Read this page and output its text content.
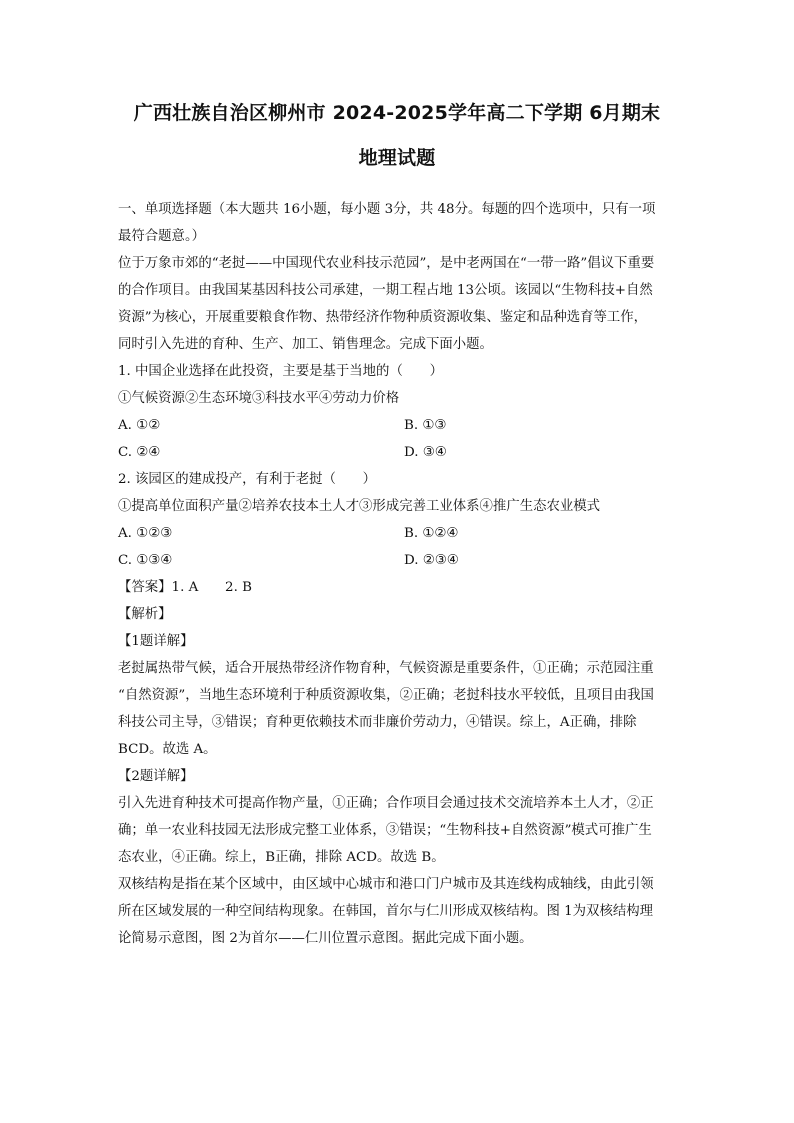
广西壮族自治区柳州市 2024-2025学年高二下学期 6月期末
地理试题
一、单项选择题（本大题共 16小题，每小题 3分，共 48分。每题的四个选项中，只有一项
最符合题意。）
位于万象市郊的“老挝——中国现代农业科技示范园”，是中老两国在“一带一路”倡议下重要
的合作项目。由我国某基因科技公司承建，一期工程占地 13公顷。该园以“生物科技+自然
资源”为核心，开展重要粮食作物、热带经济作物种质资源收集、鉴定和品种选育等工作，
同时引入先进的育种、生产、加工、销售理念。完成下面小题。
1. 中国企业选择在此投资，主要是基于当地的（　　）
①气候资源②生态环境③科技水平④劳动力价格
A. ①②	B. ①③
C. ②④	D. ③④
2. 该园区的建成投产，有利于老挝（　　）
①提高单位面积产量②培养农技本土人才③形成完善工业体系④推广生态农业模式
A. ①②③	B. ①②④
C. ①③④	D. ②③④
【答案】1. A　　2. B
【解析】
【1题详解】
老挝属热带气候，适合开展热带经济作物育种，气候资源是重要条件，①正确；示范园注重
“自然资源”，当地生态环境利于种质资源收集，②正确；老挝科技水平较低，且项目由我国
科技公司主导，③错误；育种更依赖技术而非廉价劳动力，④错误。综上，A正确，排除
BCD。故选 A。
【2题详解】
引入先进育种技术可提高作物产量，①正确；合作项目会通过技术交流培养本土人才，②正
确；单一农业科技园无法形成完整工业体系，③错误；“生物科技+自然资源”模式可推广生
态农业，④正确。综上，B正确，排除 ACD。故选 B。
双核结构是指在某个区域中，由区域中心城市和港口门户城市及其连线构成轴线，由此引领
所在区域发展的一种空间结构现象。在韩国，首尔与仁川形成双核结构。图 1为双核结构理
论简易示意图，图 2为首尔——仁川位置示意图。据此完成下面小题。
